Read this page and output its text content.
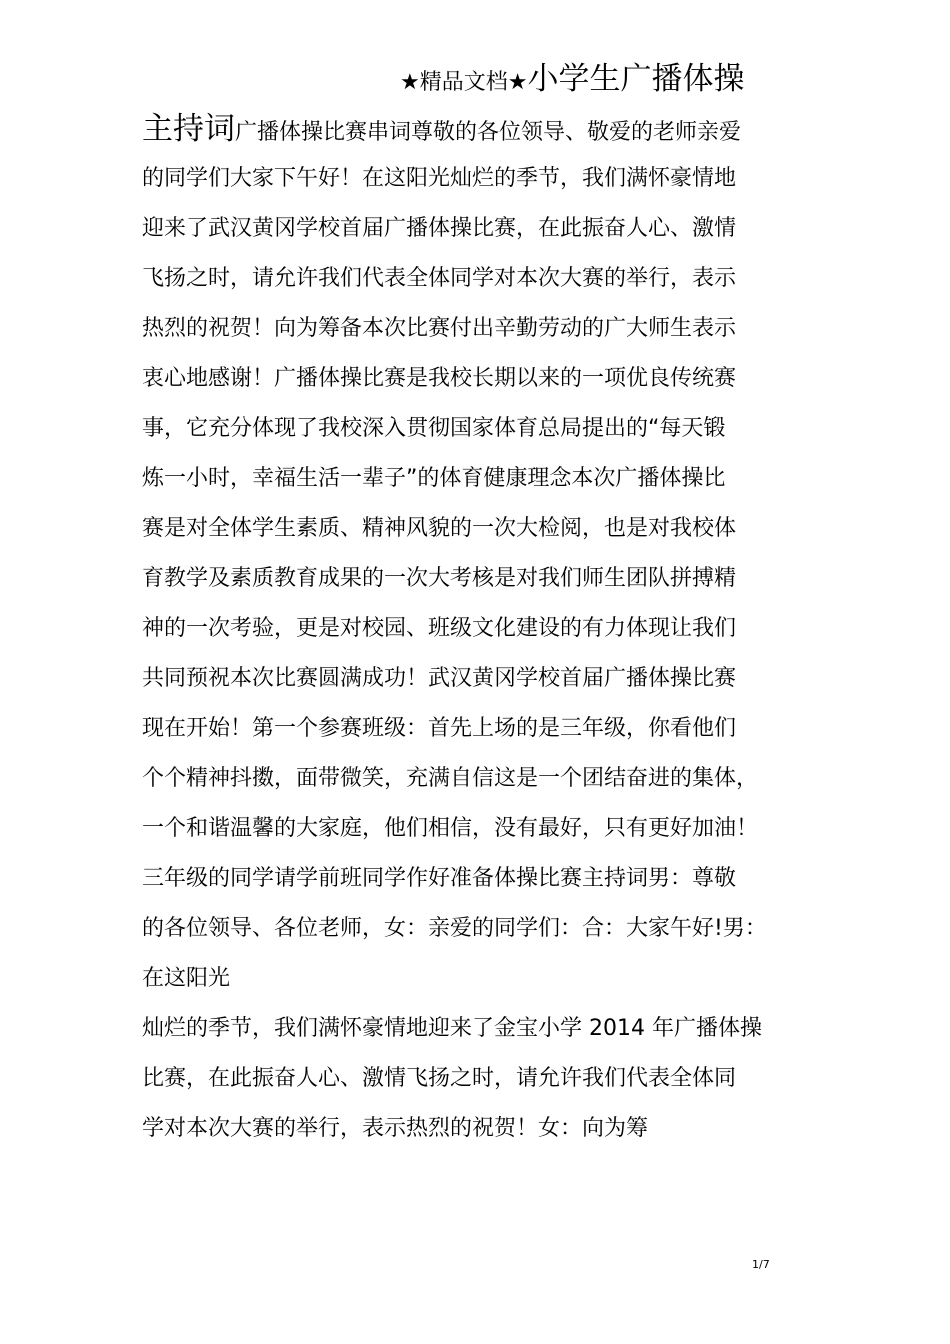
★精品文档★小学生广播体操
主持词广播体操比赛串词尊敬的各位领导、敬爱的老师亲爱
的同学们大家下午好！在这阳光灿烂的季节，我们满怀豪情地
迎来了武汉黄冈学校首届广播体操比赛，在此振奋人心、激情
飞扬之时，请允许我们代表全体同学对本次大赛的举行，表示
热烈的祝贺！向为筹备本次比赛付出辛勤劳动的广大师生表示
衷心地感谢！广播体操比赛是我校长期以来的一项优良传统赛
事，它充分体现了我校深入贯彻国家体育总局提出的“每天锻
炼一小时，幸福生活一辈子”的体育健康理念本次广播体操比
赛是对全体学生素质、精神风貌的一次大检阅，也是对我校体
育教学及素质教育成果的一次大考核是对我们师生团队拼搏精
神的一次考验，更是对校园、班级文化建设的有力体现让我们
共同预祝本次比赛圆满成功！武汉黄冈学校首届广播体操比赛
现在开始！第一个参赛班级：首先上场的是三年级，你看他们
个个精神抖擞，面带微笑，充满自信这是一个团结奋进的集体，
一个和谐温馨的大家庭，他们相信，没有最好，只有更好加油！
三年级的同学请学前班同学作好准备体操比赛主持词男：尊敬
的各位领导、各位老师，女：亲爱的同学们：合：大家午好!男：
在这阳光
灿烂的季节，我们满怀豪情地迎来了金宝小学 2014 年广播体操
比赛，在此振奋人心、激情飞扬之时，请允许我们代表全体同
学对本次大赛的举行，表示热烈的祝贺！女：向为筹
1/7
